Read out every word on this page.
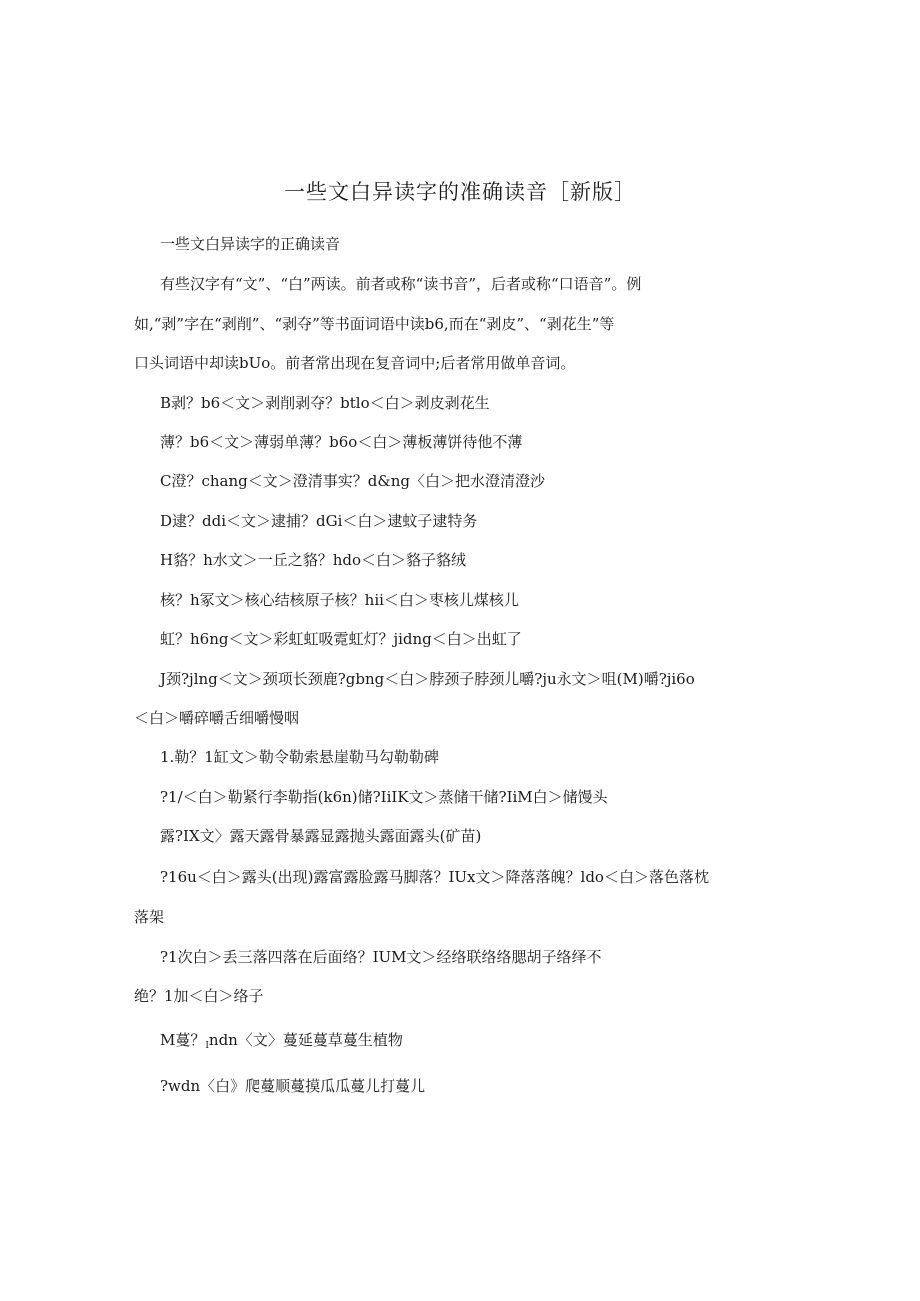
一些文白异读字的准确读音［新版］
一些文白异读字的正确读音
有些汉字有“文”、“白”两读。前者或称“读书音”，后者或称“口语音”。例
如,“剥”字在“剥削”、“剥夺”等书面词语中读b6,而在“剥皮”、“剥花生”等
口头词语中却读bUo。前者常出现在复音词中;后者常用做单音词。
B剥？b6＜文＞剥削剥夺？btlo＜白＞剥皮剥花生
薄？b6＜文＞薄弱单薄？b6o＜白＞薄板薄饼待他不薄
C澄？chang＜文＞澄清事实？d&ng〈白＞把水澄清澄沙
D逮？ddi＜文＞逮捕？dGi＜白＞逮蚊子逮特务
H貉？h水文＞一丘之貉？hdo＜白＞貉子貉绒
核？h冢文＞核心结核原子核？hii＜白＞枣核儿煤核儿
虹？h6ng＜文＞彩虹虹吸霓虹灯？jidng＜白＞出虹了
J颈?jlng＜文＞颈项长颈鹿?gbng＜白＞脖颈子脖颈儿嚼?ju永文＞咀(M)嚼?ji6o
＜白＞嚼碎嚼舌细嚼慢咽
1.勒？1缸文＞勒令勒索悬崖勒马勾勒勒碑
?1/＜白＞勒紧行李勒指(k6n)储?IiIK文＞蒸储干储?IiM白＞储馒头
露?IX文〉露天露骨暴露显露抛头露面露头(矿苗)
?16u＜白＞露头(出现)露富露脸露马脚落？IUx文＞降落落魄？ldo＜白＞落色落枕
落架
?1次白＞丢三落四落在后面络？IUM文＞经络联络络腮胡子络绎不
绝？1加＜白＞络子
M蔓？$_I$ndn〈文〉蔓延蔓草蔓生植物
?wdn〈白》爬蔓顺蔓摸瓜瓜蔓儿打蔓儿
